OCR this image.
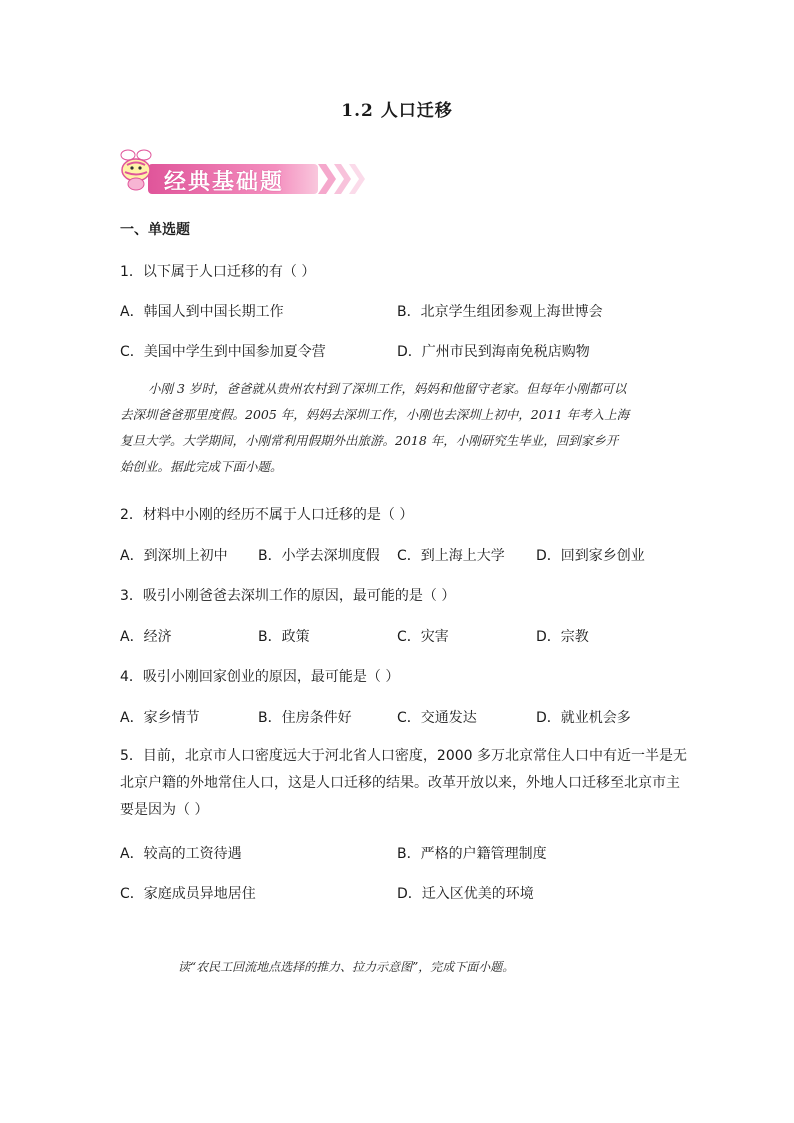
1.2 人口迁移
经典基础题
一、单选题
1．以下属于人口迁移的有（ ）
A．韩国人到中国长期工作	B．北京学生组团参观上海世博会
C．美国中学生到中国参加夏令营	D．广州市民到海南免税店购物

小刚 3 岁时，爸爸就从贵州农村到了深圳工作，妈妈和他留守老家。但每年小刚都可以

去深圳爸爸那里度假。2005 年，妈妈去深圳工作，小刚也去深圳上初中，2011 年考入上海

复旦大学。大学期间，小刚常利用假期外出旅游。2018 年，小刚研究生毕业，回到家乡开

始创业。据此完成下面小题。

2．材料中小刚的经历不属于人口迁移的是（ ）
A．到深圳上初中 B．小学去深圳度假 C．到上海上大学 D．回到家乡创业
3．吸引小刚爸爸去深圳工作的原因，最可能的是（ ）
A．经济	B．政策	C．灾害	D．宗教
4．吸引小刚回家创业的原因，最可能是（ ）
A．家乡情节	B．住房条件好	C．交通发达	D．就业机会多

5．目前，北京市人口密度远大于河北省人口密度，2000 多万北京常住人口中有近一半是无

北京户籍的外地常住人口，这是人口迁移的结果。改革开放以来，外地人口迁移至北京市主

要是因为（ ）

A．较高的工资待遇	B．严格的户籍管理制度
C．家庭成员异地居住	D．迁入区优美的环境
读“农民工回流地点选择的推力、拉力示意图”，完成下面小题。
